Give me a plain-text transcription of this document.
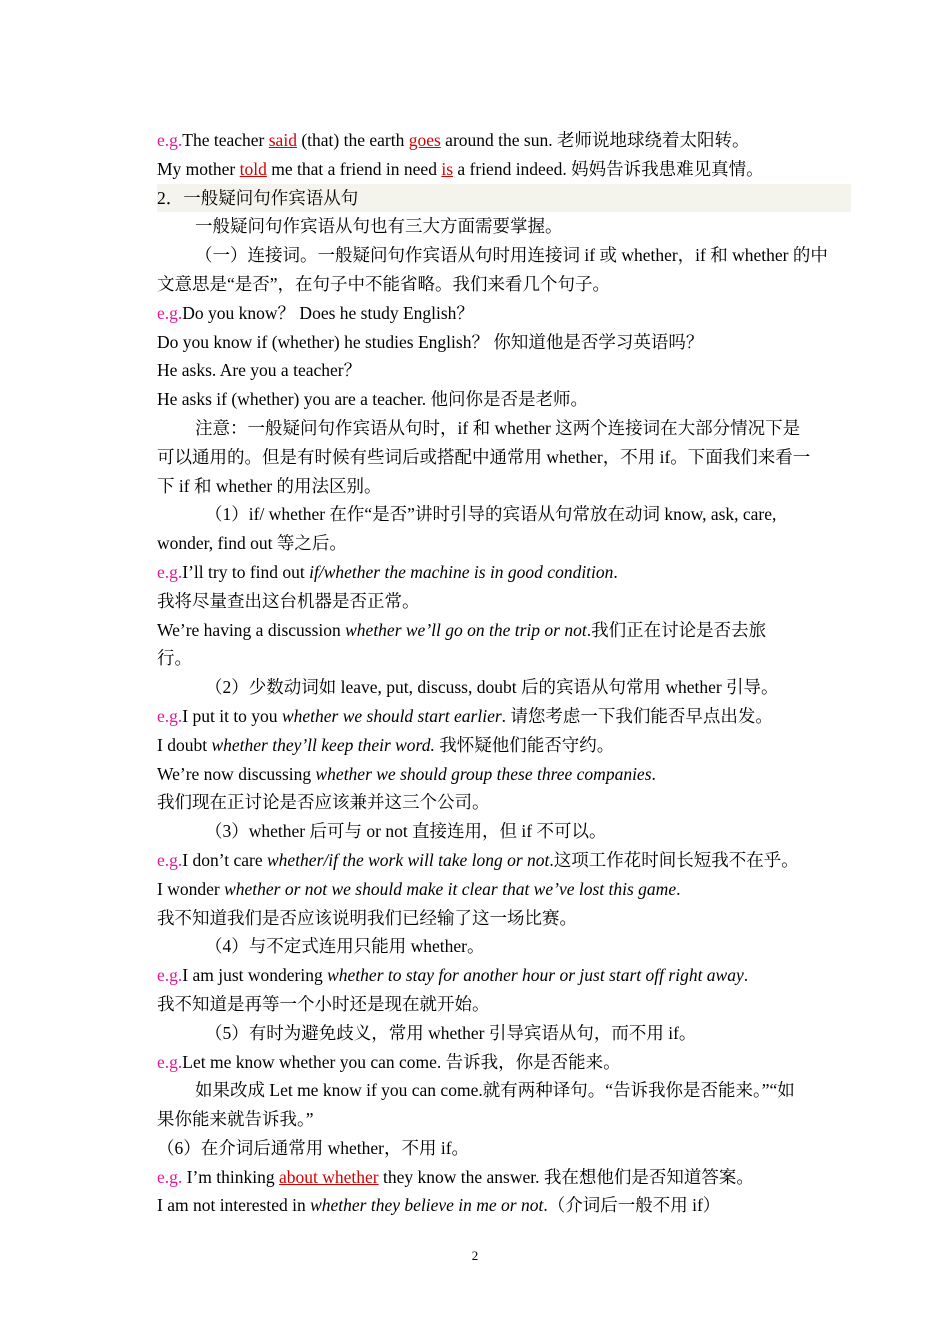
e.g.The teacher said (that) the earth goes around the sun. 老师说地球绕着太阳转。
My mother told me that a friend in need is a friend indeed. 妈妈告诉我患难见真情。
2．一般疑问句作宾语从句
一般疑问句作宾语从句也有三大方面需要掌握。
（一）连接词。一般疑问句作宾语从句时用连接词 if 或 whether，if 和 whether 的中
文意思是“是否”，在句子中不能省略。我们来看几个句子。
e.g.Do you know？ Does he study English？
Do you know if (whether) he studies English？ 你知道他是否学习英语吗？
He asks. Are you a teacher？
He asks if (whether) you are a teacher. 他问你是否是老师。
注意：一般疑问句作宾语从句时，if 和 whether 这两个连接词在大部分情况下是
可以通用的。但是有时候有些词后或搭配中通常用 whether，不用 if。下面我们来看一
下 if 和 whether 的用法区别。
（1）if/ whether 在作“是否”讲时引导的宾语从句常放在动词 know, ask, care,
wonder, find out 等之后。
e.g.I’ll try to find out if/whether the machine is in good condition.
我将尽量查出这台机器是否正常。
We’re having a discussion whether we’ll go on the trip or not.我们正在讨论是否去旅
行。
（2）少数动词如 leave, put, discuss, doubt 后的宾语从句常用 whether 引导。
e.g.I put it to you whether we should start earlier. 请您考虑一下我们能否早点出发。
I doubt whether they’ll keep their word. 我怀疑他们能否守约。
We’re now discussing whether we should group these three companies.
我们现在正讨论是否应该兼并这三个公司。
（3）whether 后可与 or not 直接连用，但 if 不可以。
e.g.I don’t care whether/if the work will take long or not.这项工作花时间长短我不在乎。
I wonder whether or not we should make it clear that we’ve lost this game.
我不知道我们是否应该说明我们已经输了这一场比赛。
（4）与不定式连用只能用 whether。
e.g.I am just wondering whether to stay for another hour or just start off right away.
我不知道是再等一个小时还是现在就开始。
（5）有时为避免歧义，常用 whether 引导宾语从句，而不用 if。
e.g.Let me know whether you can come. 告诉我，你是否能来。
如果改成 Let me know if you can come.就有两种译句。“告诉我你是否能来。”“如
果你能来就告诉我。”
（6）在介词后通常用 whether，不用 if。
e.g. I’m thinking about whether they know the answer. 我在想他们是否知道答案。
I am not interested in whether they believe in me or not.（介词后一般不用 if）
2
